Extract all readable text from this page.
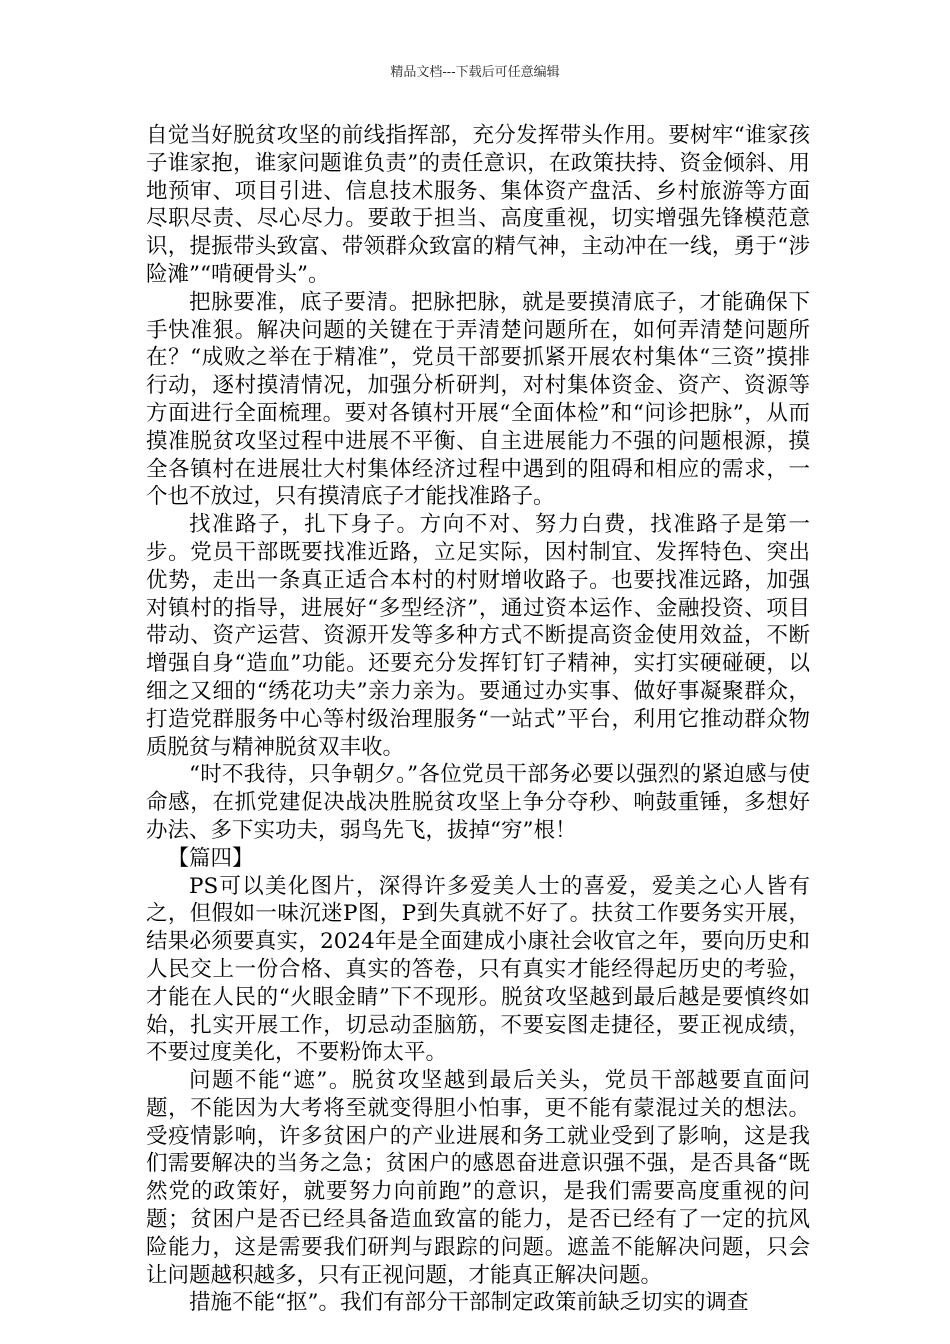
精品文档---下载后可任意编辑

自觉当好脱贫攻坚的前线指挥部，充分发挥带头作用。要树牢“谁家孩子谁家抱，谁家问题谁负责”的责任意识，在政策扶持、资金倾斜、用地预审、项目引进、信息技术服务、集体资产盘活、乡村旅游等方面尽职尽责、尽心尽力。要敢于担当、高度重视，切实增强先锋模范意识，提振带头致富、带领群众致富的精气神，主动冲在一线，勇于“涉险滩”“啃硬骨头”。

把脉要准，底子要清。把脉把脉，就是要摸清底子，才能确保下手快准狠。解决问题的关键在于弄清楚问题所在，如何弄清楚问题所在？“成败之举在于精准”，党员干部要抓紧开展农村集体“三资”摸排行动，逐村摸清情况，加强分析研判，对村集体资金、资产、资源等方面进行全面梳理。要对各镇村开展“全面体检”和“问诊把脉”，从而摸准脱贫攻坚过程中进展不平衡、自主进展能力不强的问题根源，摸全各镇村在进展壮大村集体经济过程中遇到的阻碍和相应的需求，一个也不放过，只有摸清底子才能找准路子。

找准路子，扎下身子。方向不对、努力白费，找准路子是第一步。党员干部既要找准近路，立足实际，因村制宜、发挥特色、突出优势，走出一条真正适合本村的村财增收路子。也要找准远路，加强对镇村的指导，进展好“多型经济”，通过资本运作、金融投资、项目带动、资产运营、资源开发等多种方式不断提高资金使用效益，不断增强自身“造血”功能。还要充分发挥钉钉子精神，实打实硬碰硬，以细之又细的“绣花功夫”亲力亲为。要通过办实事、做好事凝聚群众，打造党群服务中心等村级治理服务“一站式”平台，利用它推动群众物质脱贫与精神脱贫双丰收。

“时不我待，只争朝夕。”各位党员干部务必要以强烈的紧迫感与使命感，在抓党建促决战决胜脱贫攻坚上争分夺秒、响鼓重锤，多想好办法、多下实功夫，弱鸟先飞，拔掉“穷”根！

【篇四】

PS可以美化图片，深得许多爱美人士的喜爱，爱美之心人皆有之，但假如一味沉迷P图，P到失真就不好了。扶贫工作要务实开展，结果必须要真实，2024年是全面建成小康社会收官之年，要向历史和人民交上一份合格、真实的答卷，只有真实才能经得起历史的考验，才能在人民的“火眼金睛”下不现形。脱贫攻坚越到最后越是要慎终如始，扎实开展工作，切忌动歪脑筋，不要妄图走捷径，要正视成绩，不要过度美化，不要粉饰太平。

问题不能“遮”。脱贫攻坚越到最后关头，党员干部越要直面问题，不能因为大考将至就变得胆小怕事，更不能有蒙混过关的想法。受疫情影响，许多贫困户的产业进展和务工就业受到了影响，这是我们需要解决的当务之急；贫困户的感恩奋进意识强不强，是否具备“既然党的政策好，就要努力向前跑”的意识，是我们需要高度重视的问题；贫困户是否已经具备造血致富的能力，是否已经有了一定的抗风险能力，这是需要我们研判与跟踪的问题。遮盖不能解决问题，只会让问题越积越多，只有正视问题，才能真正解决问题。

措施不能“抠”。我们有部分干部制定政策前缺乏切实的调查
